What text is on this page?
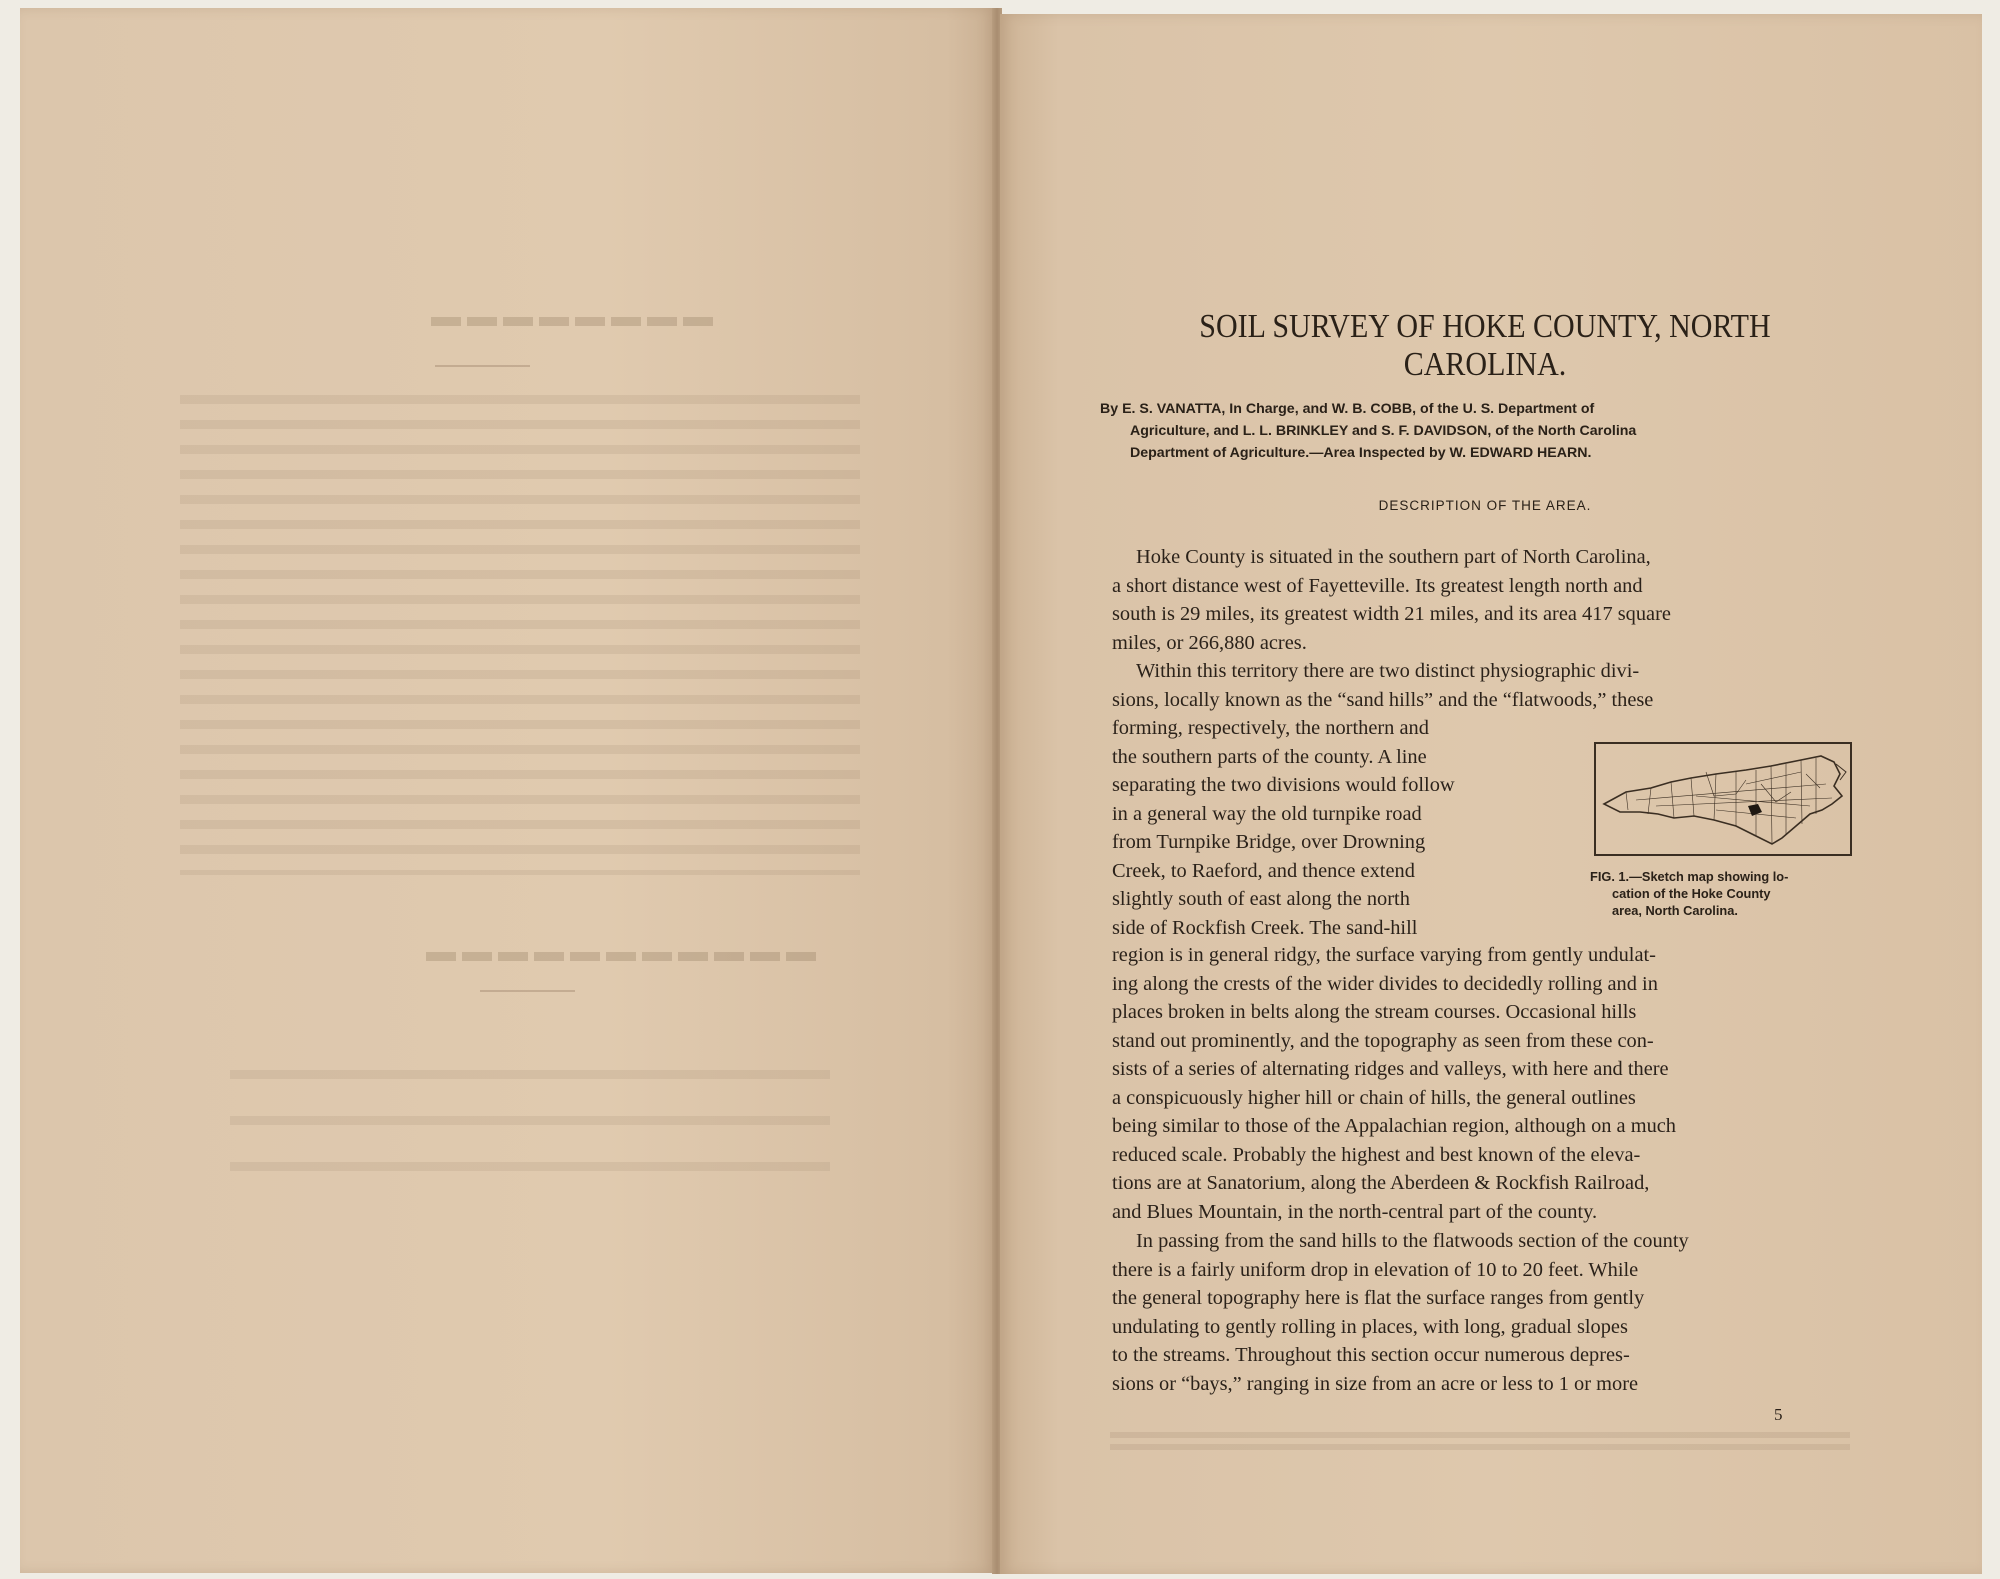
▬▬▬▬▬▬▬▬
▬▬▬▬▬▬▬▬▬▬▬
SOIL SURVEY OF HOKE COUNTY, NORTH
CAROLINA.
By E. S. VANATTA, In Charge, and W. B. COBB, of the U. S. Department of
Agriculture, and L. L. BRINKLEY and S. F. DAVIDSON, of the North Carolina
Department of Agriculture.—Area Inspected by W. EDWARD HEARN.
DESCRIPTION OF THE AREA.
Hoke County is situated in the southern part of North Carolina,
a short distance west of Fayetteville. Its greatest length north and
south is 29 miles, its greatest width 21 miles, and its area 417 square
miles, or 266,880 acres.
Within this territory there are two distinct physiographic divi-
sions, locally known as the “sand hills” and the “flatwoods,” these
forming, respectively, the northern and
the southern parts of the county. A line
separating the two divisions would follow
in a general way the old turnpike road
from Turnpike Bridge, over Drowning
Creek, to Raeford, and thence extend
slightly south of east along the north
side of Rockfish Creek. The sand-hill
FIG. 1.—Sketch map showing lo-
cation of the Hoke County
area, North Carolina.
region is in general ridgy, the surface varying from gently undulat-
ing along the crests of the wider divides to decidedly rolling and in
places broken in belts along the stream courses. Occasional hills
stand out prominently, and the topography as seen from these con-
sists of a series of alternating ridges and valleys, with here and there
a conspicuously higher hill or chain of hills, the general outlines
being similar to those of the Appalachian region, although on a much
reduced scale. Probably the highest and best known of the eleva-
tions are at Sanatorium, along the Aberdeen & Rockfish Railroad,
and Blues Mountain, in the north-central part of the county.
In passing from the sand hills to the flatwoods section of the county
there is a fairly uniform drop in elevation of 10 to 20 feet. While
the general topography here is flat the surface ranges from gently
undulating to gently rolling in places, with long, gradual slopes
to the streams. Throughout this section occur numerous depres-
sions or “bays,” ranging in size from an acre or less to 1 or more
5
